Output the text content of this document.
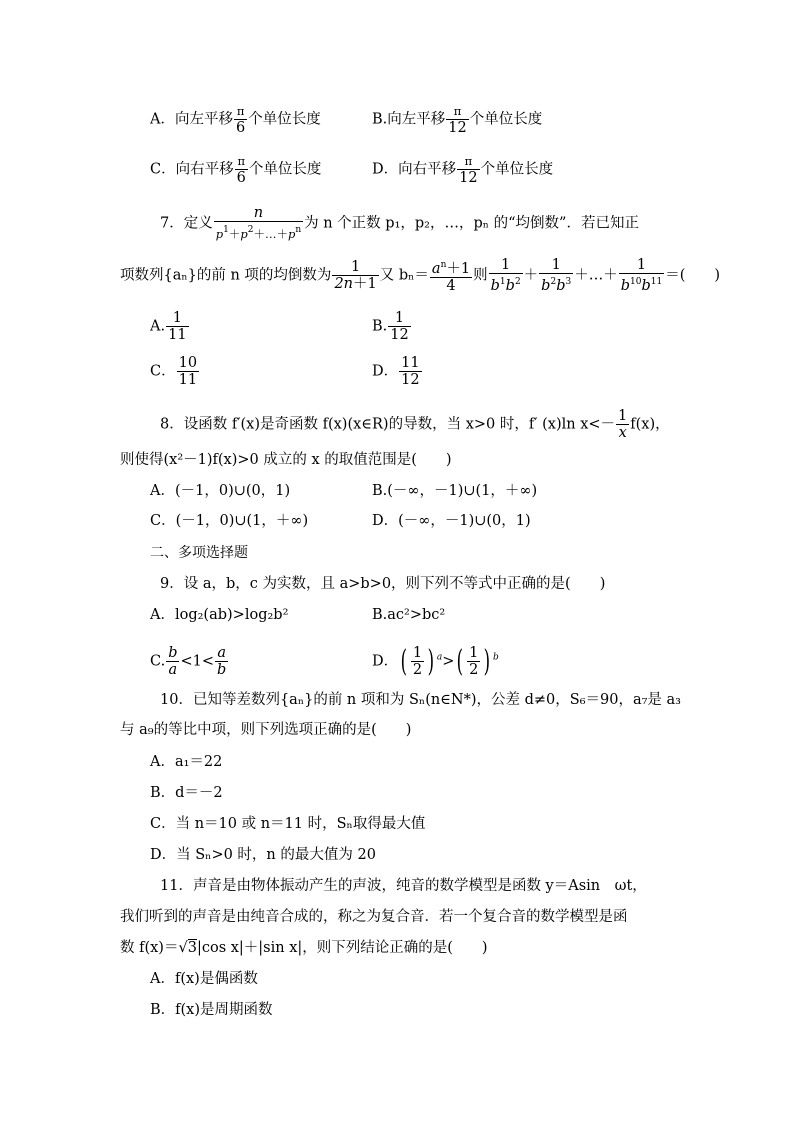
A．向左平移
π
6
个单位长度	B.向左平移
π
12
个单位长度
C．向右平移
π
6
个单位长度	D．向右平移
π
12
个单位长度
7．定义
n
$p^1+p^2+\dots+p^n$ 为 n 个正数 p₁，p₂，…，pₙ 的“均倒数”．若已知正
项数列{aₙ}的前 n 项的均倒数为 $\frac{1}{2n+1}$ 又 $b_n= \frac{a^n+1}{4}$ 则 $\frac{1}{b^1b^2} + \frac{1}{b^2b^3}$ ＋…＋ $\frac{1}{b^{10}b^{11}}$ ＝(　　)
A. $\frac{1}{11}$	B. $\frac{1}{12}$
C． $\frac{10}{11}$	D． $\frac{11}{12}$
8．设函数 f′(x)是奇函数 f(x)(x∈R)的导数，当 x>0 时，f′ (x)ln $x<- \frac{1}{x} f(x)$，
则使得(x²－1)f(x)>0 成立的 x 的取值范围是(　　)
A．(－1，0)∪(0，1)	B.(－∞，－1)∪(1，＋∞)
C．(－1，0)∪(1，＋∞)	D．(－∞，－1)∪(0，1)
二、多项选择题
9．设 a，b，c 为实数，且 a>b>0，则下列不等式中正确的是(　　)
A．log₂(ab)>log₂b²	B.ac²>bc²
C. $\frac{b}{a} <1< \frac{a}{b}$	D．( $\frac{1}{2}$ ) $^a>( \frac{1}{2}$ ) $^b$
10．已知等差数列{aₙ}的前 n 项和为 Sₙ(n∈N*)，公差 d≠0，S₆＝90，a₇是 a₃
与 a₉的等比中项，则下列选项正确的是(　　)
A．a₁＝22
B．d＝－2
C．当 n＝10 或 n＝11 时，Sₙ取得最大值
D．当 Sₙ>0 时，n 的最大值为 20
11．声音是由物体振动产生的声波，纯音的数学模型是函数 y＝Asin　ωt，
我们听到的声音是由纯音合成的，称之为复合音．若一个复合音的数学模型是函
数 f(x)＝√3|cos x|＋|sin x|，则下列结论正确的是(　　)
A．f(x)是偶函数
B．f(x)是周期函数
